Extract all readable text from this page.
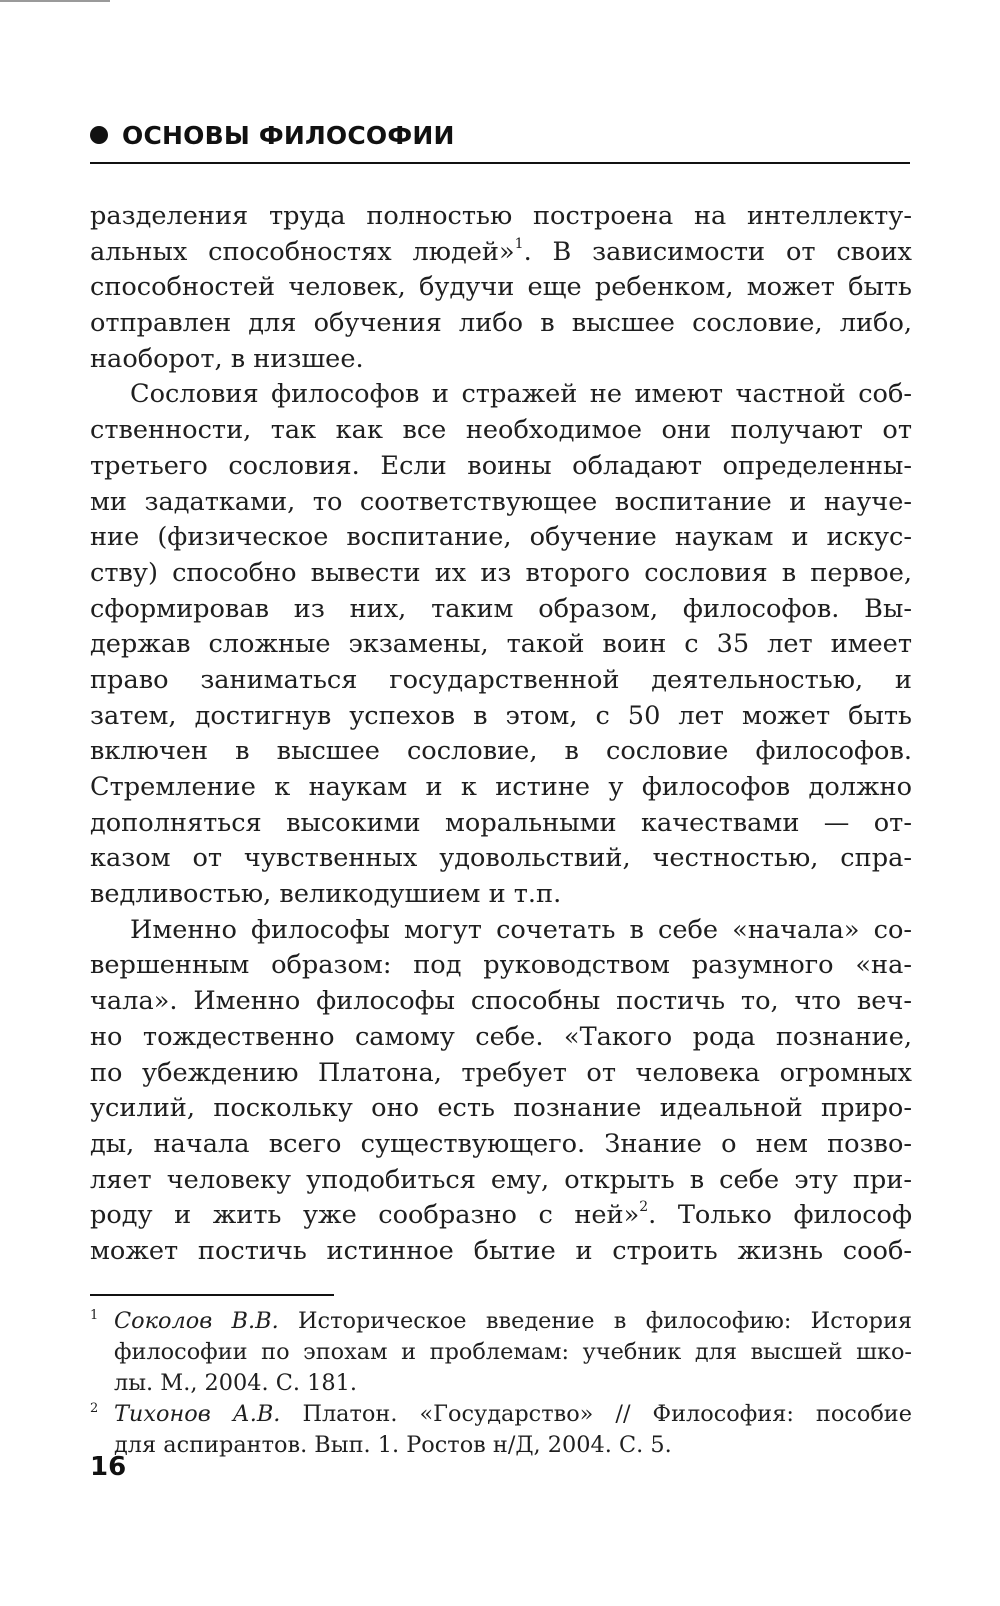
ОСНОВЫ ФИЛОСОФИИ
разделения труда полностью построена на интеллекту-
альных способностях людей»$^1$. В зависимости от своих
способностей человек, будучи еще ребенком, может быть
отправлен для обучения либо в высшее сословие, либо,
наоборот, в низшее.
Сословия философов и стражей не имеют частной соб-
ственности, так как все необходимое они получают от
третьего сословия. Если воины обладают определенны-
ми задатками, то соответствующее воспитание и науче-
ние (физическое воспитание, обучение наукам и искус-
ству) способно вывести их из второго сословия в первое,
сформировав из них, таким образом, философов. Вы-
держав сложные экзамены, такой воин с 35 лет имеет
право заниматься государственной деятельностью, и
затем, достигнув успехов в этом, с 50 лет может быть
включен в высшее сословие, в сословие философов.
Стремление к наукам и к истине у философов должно
дополняться высокими моральными качествами — от-
казом от чувственных удовольствий, честностью, спра-
ведливостью, великодушием и т.п.
Именно философы могут сочетать в себе «начала» со-
вершенным образом: под руководством разумного «на-
чала». Именно философы способны постичь то, что веч-
но тождественно самому себе. «Такого рода познание,
по убеждению Платона, требует от человека огромных
усилий, поскольку оно есть познание идеальной приро-
ды, начала всего существующего. Знание о нем позво-
ляет человеку уподобиться ему, открыть в себе эту при-
роду и жить уже сообразно с ней»$^2$. Только философ
может постичь истинное бытие и строить жизнь сооб-
1 Соколов В.В. Историческое введение в философию: История
философии по эпохам и проблемам: учебник для высшей шко-
лы. М., 2004. С. 181.
2 Тихонов А.В. Платон. «Государство» // Философия: пособие
для аспирантов. Вып. 1. Ростов н/Д, 2004. С. 5.
16
